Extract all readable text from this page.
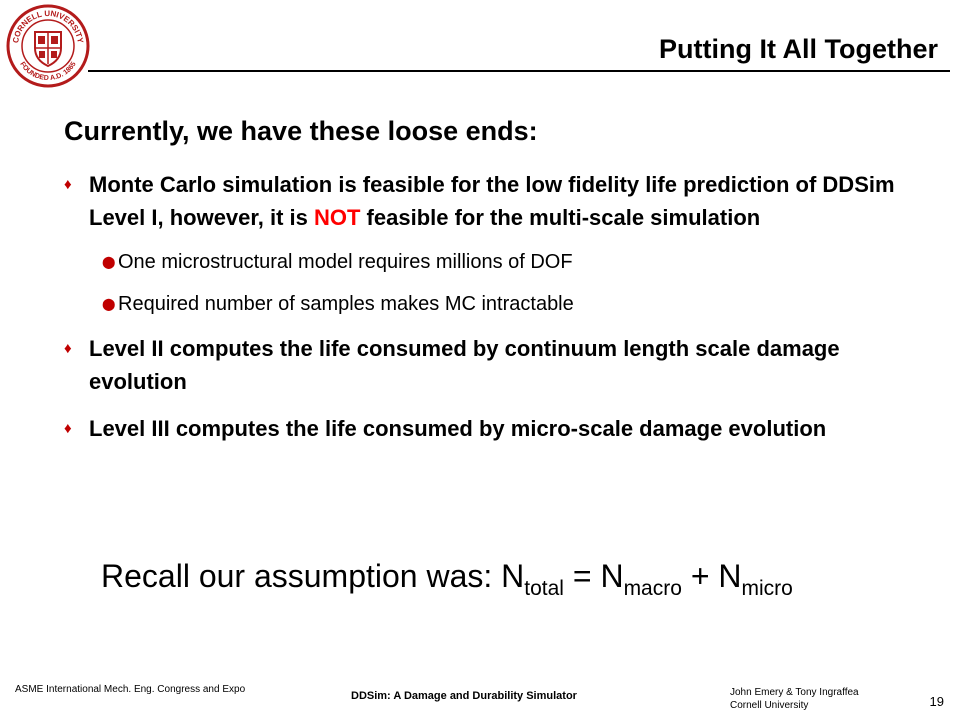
CORNELL UNIVERSITY
FOUNDED A.D. 1865
Putting It All Together
Currently, we have these loose ends:
♦ Monte Carlo simulation is feasible for the low fidelity life prediction of DDSim Level I, however, it is NOT feasible for the multi-scale simulation
⬤ One microstructural model requires millions of DOF
⬤ Required number of samples makes MC intractable
♦ Level II computes the life consumed by continuum length scale damage evolution
♦ Level III computes the life consumed by micro-scale damage evolution
Recall our assumption was: $N_{total} = N_{macro} + N_{micro}$
ASME International Mech. Eng. Congress and Expo
DDSim: A Damage and Durability Simulator	John Emery & Tony Ingraffea
Cornell University	19
